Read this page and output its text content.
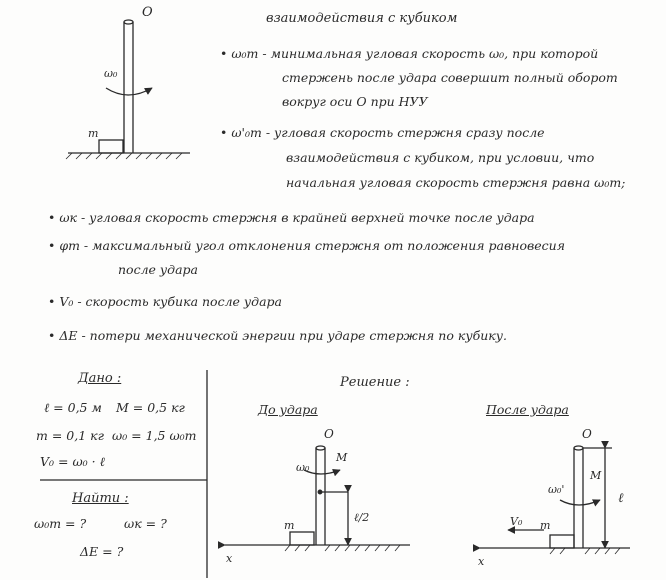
взаимодействия с кубиком
O
ω₀
m
• ω₀m - минимальная угловая скорость ω₀, при которой
стержень после удара совершит полный оборот
вокруг оси O при НУУ
• ω'₀m - угловая скорость стержня сразу после
взаимодействия с кубиком, при условии, что
начальная угловая скорость стержня равна ω₀m;
• ωк - угловая скорость стержня в крайней верхней точке после удара
• φm - максимальный угол отклонения стержня от положения равновесия
после удара
• V₀ - скорость кубика после удара
• ΔE - потери механической энергии при ударе стержня по кубику.
Дано :
ℓ = 0,5 м M = 0,5 кг
m = 0,1 кг ω₀ = 1,5 ω₀m
V₀ = ω₀ · ℓ
Найти :
ω₀m = ?	ωк = ?
ΔE = ?
Решение :
До удара	После удара
O
ω₀
M
ℓ/2
m
x
O
ω₀'
M
ℓ
V₀ m
x
